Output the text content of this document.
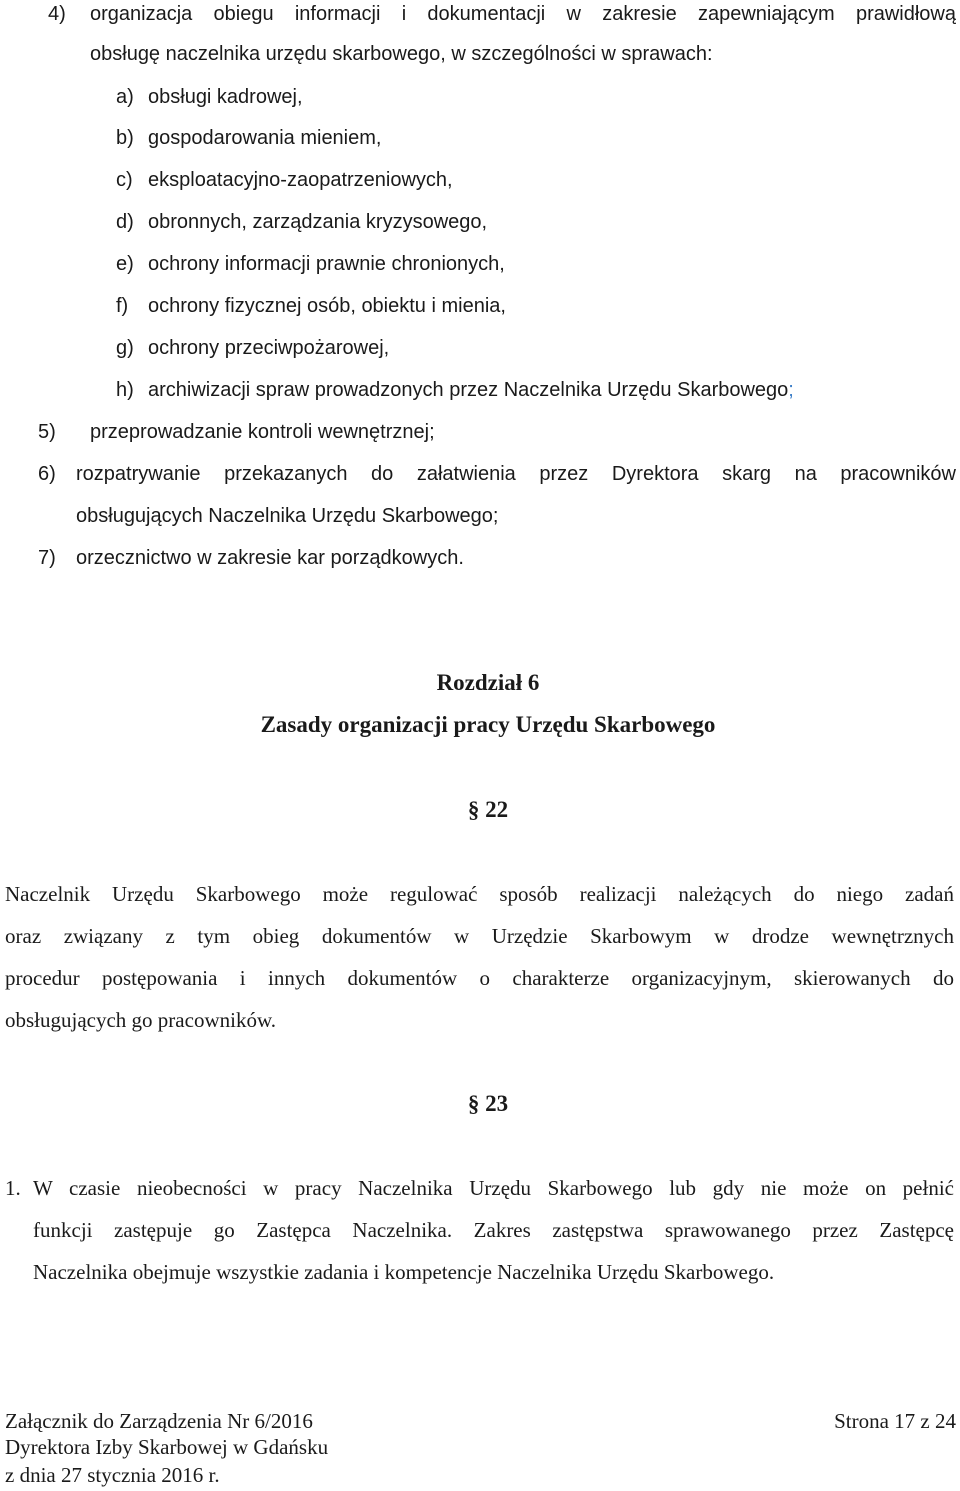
4) organizacja obiegu informacji i dokumentacji w zakresie zapewniającym prawidłową
obsługę naczelnika urzędu skarbowego, w szczególności w sprawach:
a) obsługi kadrowej,
b) gospodarowania mieniem,
c) eksploatacyjno-zaopatrzeniowych,
d) obronnych, zarządzania kryzysowego,
e) ochrony informacji prawnie chronionych,
f) ochrony fizycznej osób, obiektu i mienia,
g) ochrony przeciwpożarowej,
h) archiwizacji spraw prowadzonych przez Naczelnika Urzędu Skarbowego;
5) przeprowadzanie kontroli wewnętrznej;
6) rozpatrywanie przekazanych do załatwienia przez Dyrektora skarg na pracowników
obsługujących Naczelnika Urzędu Skarbowego;
7) orzecznictwo w zakresie kar porządkowych.
Rozdział 6
Zasady organizacji pracy Urzędu Skarbowego
§ 22
Naczelnik Urzędu Skarbowego może regulować sposób realizacji należących do niego zadań
oraz związany z tym obieg dokumentów w Urzędzie Skarbowym w drodze wewnętrznych
procedur postępowania i innych dokumentów o charakterze organizacyjnym, skierowanych do
obsługujących go pracowników.
§ 23
1. W czasie nieobecności w pracy Naczelnika Urzędu Skarbowego lub gdy nie może on pełnić
funkcji zastępuje go Zastępca Naczelnika. Zakres zastępstwa sprawowanego przez Zastępcę
Naczelnika obejmuje wszystkie zadania i kompetencje Naczelnika Urzędu Skarbowego.
Załącznik do Zarządzenia Nr 6/2016
Dyrektora Izby Skarbowej w Gdańsku
z dnia 27 stycznia 2016 r.
Strona 17 z 24
